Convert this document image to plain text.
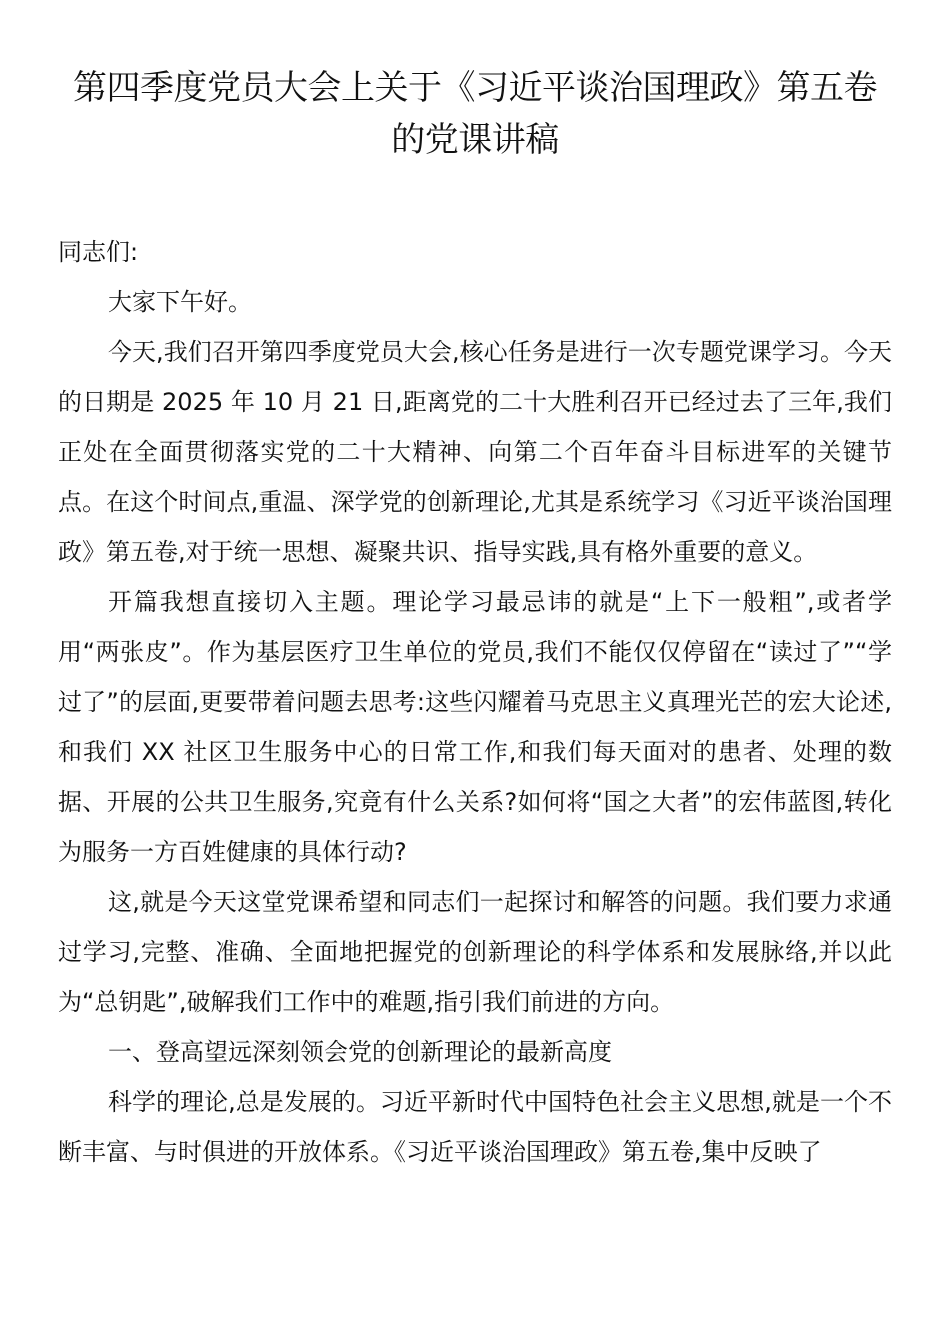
第四季度党员大会上关于《习近平谈治国理政》第五卷的党课讲稿

同志们:

大家下午好。

今天,我们召开第四季度党员大会,核心任务是进行一次专题党课学习。今天的日期是 2025 年 10 月 21 日,距离党的二十大胜利召开已经过去了三年,我们正处在全面贯彻落实党的二十大精神、向第二个百年奋斗目标进军的关键节点。在这个时间点,重温、深学党的创新理论,尤其是系统学习《习近平谈治国理政》第五卷,对于统一思想、凝聚共识、指导实践,具有格外重要的意义。

开篇我想直接切入主题。理论学习最忌讳的就是“上下一般粗”,或者学用“两张皮”。作为基层医疗卫生单位的党员,我们不能仅仅停留在“读过了”“学过了”的层面,更要带着问题去思考:这些闪耀着马克思主义真理光芒的宏大论述,和我们 XX 社区卫生服务中心的日常工作,和我们每天面对的患者、处理的数据、开展的公共卫生服务,究竟有什么关系?如何将“国之大者”的宏伟蓝图,转化为服务一方百姓健康的具体行动?

这,就是今天这堂党课希望和同志们一起探讨和解答的问题。我们要力求通过学习,完整、准确、全面地把握党的创新理论的科学体系和发展脉络,并以此为“总钥匙”,破解我们工作中的难题,指引我们前进的方向。

一、登高望远深刻领会党的创新理论的最新高度

科学的理论,总是发展的。习近平新时代中国特色社会主义思想,就是一个不断丰富、与时俱进的开放体系。《习近平谈治国理政》第五卷,集中反映了
